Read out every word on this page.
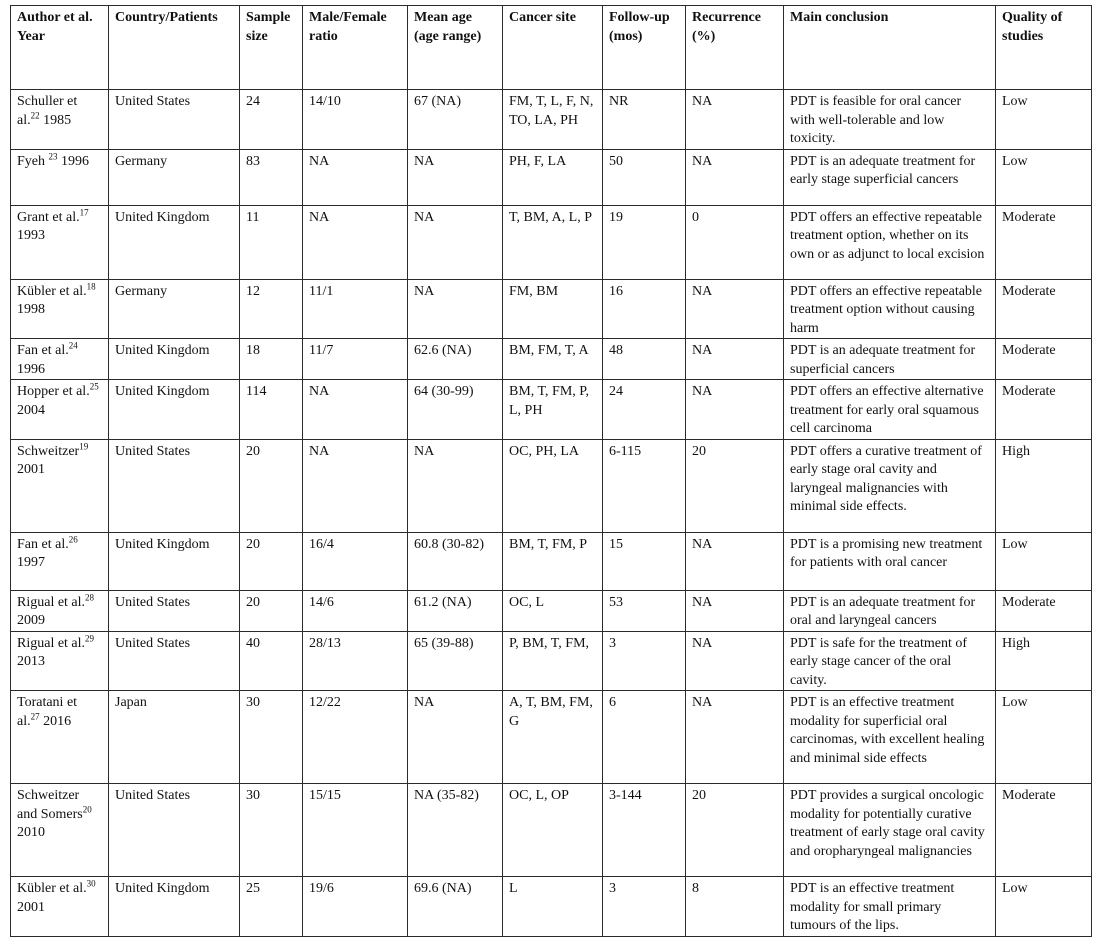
Author et al. Year	Country/Patients	Sample size	Male/Female ratio	Mean age (age range)	Cancer site	Follow-up (mos)	Recurrence (%)	Main conclusion	Quality of studies
Schuller et al.$^{22}$ 1985	United States	24	14/10	67 (NA)	FM, T, L, F, N, TO, LA, PH	NR	NA	PDT is feasible for oral cancer with well-tolerable and low toxicity.	Low
Fyeh $^{23}$ 1996	Germany	83	NA	NA	PH, F, LA	50	NA	PDT is an adequate treatment for early stage superficial cancers	Low
Grant et al.$^{17}$ 1993	United Kingdom	11	NA	NA	T, BM, A, L, P	19	0	PDT offers an effective repeatable treatment option, whether on its own or as adjunct to local excision	Moderate
Kübler et al.$^{18}$ 1998	Germany	12	11/1	NA	FM, BM	16	NA	PDT offers an effective repeatable treatment option without causing harm	Moderate
Fan et al.$^{24}$ 1996	United Kingdom	18	11/7	62.6 (NA)	BM, FM, T, A	48	NA	PDT is an adequate treatment for superficial cancers	Moderate
Hopper et al.$^{25}$ 2004	United Kingdom	114	NA	64 (30-99)	BM, T, FM, P, L, PH	24	NA	PDT offers an effective alternative treatment for early oral squamous cell carcinoma	Moderate
Schweitzer$^{19}$ 2001	United States	20	NA	NA	OC, PH, LA	6-115	20	PDT offers a curative treatment of early stage oral cavity and laryngeal malignancies with minimal side effects.	High
Fan et al.$^{26}$ 1997	United Kingdom	20	16/4	60.8 (30-82)	BM, T, FM, P	15	NA	PDT is a promising new treatment for patients with oral cancer	Low
Rigual et al.$^{28}$ 2009	United States	20	14/6	61.2 (NA)	OC, L	53	NA	PDT is an adequate treatment for oral and laryngeal cancers	Moderate
Rigual et al.$^{29}$ 2013	United States	40	28/13	65 (39-88)	P, BM, T, FM,	3	NA	PDT is safe for the treatment of early stage cancer of the oral cavity.	High
Toratani et al.$^{27}$ 2016	Japan	30	12/22	NA	A, T, BM, FM, G	6	NA	PDT is an effective treatment modality for superficial oral carcinomas, with excellent healing and minimal side effects	Low
Schweitzer and Somers$^{20}$ 2010	United States	30	15/15	NA (35-82)	OC, L, OP	3-144	20	PDT provides a surgical oncologic modality for potentially curative treatment of early stage oral cavity and oropharyngeal malignancies	Moderate
Kübler et al.$^{30}$ 2001	United Kingdom	25	19/6	69.6 (NA)	L	3	8	PDT is an effective treatment modality for small primary tumours of the lips.	Low
